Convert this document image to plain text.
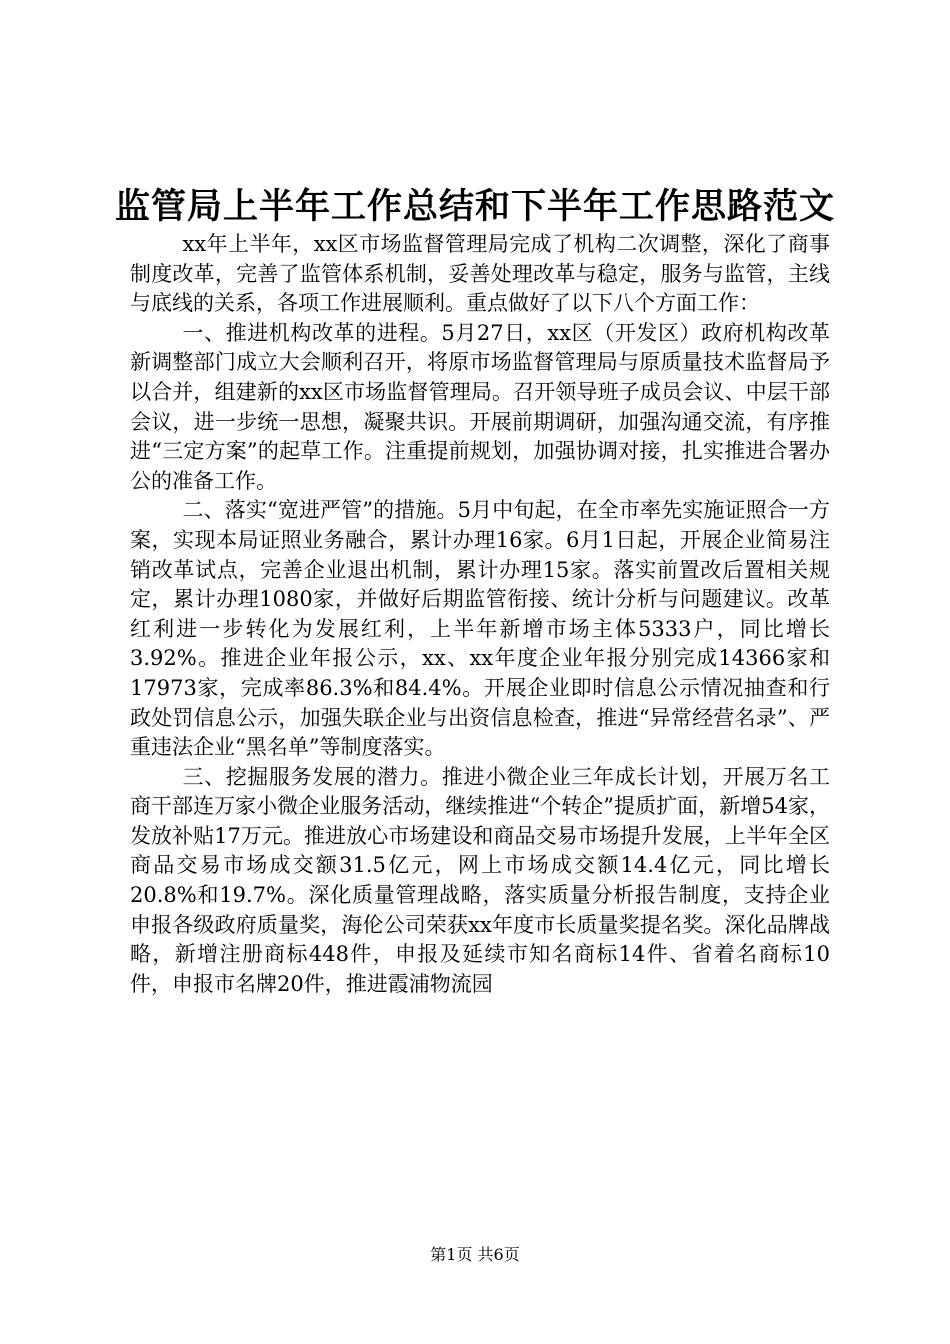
监管局上半年工作总结和下半年工作思路范文

xx年上半年，xx区市场监督管理局完成了机构二次调整，深化了商事制度改革，完善了监管体系机制，妥善处理改革与稳定，服务与监管，主线与底线的关系，各项工作进展顺利。重点做好了以下八个方面工作：

一、推进机构改革的进程。5月27日，xx区（开发区）政府机构改革新调整部门成立大会顺利召开，将原市场监督管理局与原质量技术监督局予以合并，组建新的xx区市场监督管理局。召开领导班子成员会议、中层干部会议，进一步统一思想，凝聚共识。开展前期调研，加强沟通交流，有序推进“三定方案”的起草工作。注重提前规划，加强协调对接，扎实推进合署办公的准备工作。

二、落实“宽进严管”的措施。5月中旬起，在全市率先实施证照合一方案，实现本局证照业务融合，累计办理16家。6月1日起，开展企业简易注销改革试点，完善企业退出机制，累计办理15家。落实前置改后置相关规定，累计办理1080家，并做好后期监管衔接、统计分析与问题建议。改革红利进一步转化为发展红利，上半年新增市场主体5333户，同比增长3.92%。推进企业年报公示，xx、xx年度企业年报分别完成14366家和17973家，完成率86.3%和84.4%。开展企业即时信息公示情况抽查和行政处罚信息公示，加强失联企业与出资信息检查，推进“异常经营名录”、严重违法企业“黑名单”等制度落实。

三、挖掘服务发展的潜力。推进小微企业三年成长计划，开展万名工商干部连万家小微企业服务活动，继续推进“个转企”提质扩面，新增54家，发放补贴17万元。推进放心市场建设和商品交易市场提升发展，上半年全区商品交易市场成交额31.5亿元，网上市场成交额14.4亿元，同比增长20.8%和19.7%。深化质量管理战略，落实质量分析报告制度，支持企业申报各级政府质量奖，海伦公司荣获xx年度市长质量奖提名奖。深化品牌战略，新增注册商标448件，申报及延续市知名商标14件、省着名商标10件，申报市名牌20件，推进霞浦物流园

第1页 共6页
